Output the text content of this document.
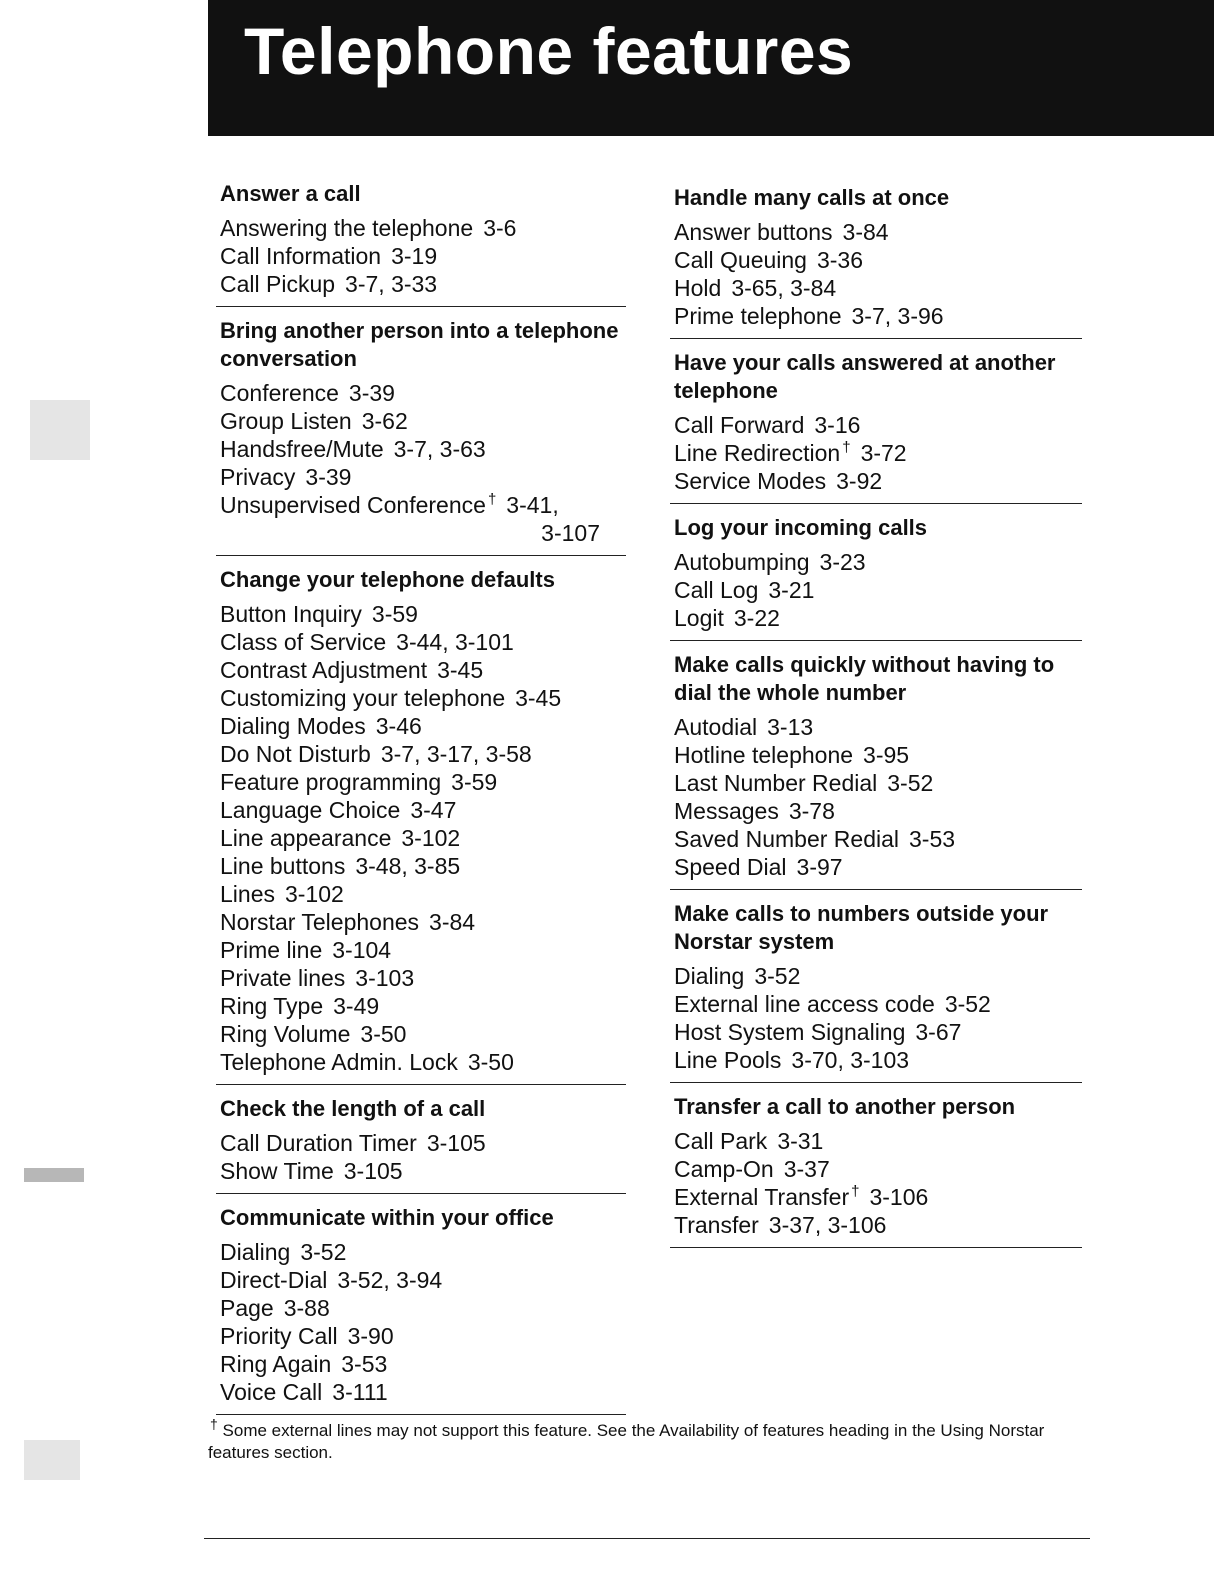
Telephone features
Answer a call
Answering the telephone 3-6
Call Information 3-19
Call Pickup 3-7, 3-33
Bring another person into a telephone conversation
Conference 3-39
Group Listen 3-62
Handsfree/Mute 3-7, 3-63
Privacy 3-39
Unsupervised Conference † 3-41,
3-107
Change your telephone defaults
Button Inquiry 3-59
Class of Service 3-44, 3-101
Contrast Adjustment 3-45
Customizing your telephone 3-45
Dialing Modes 3-46
Do Not Disturb 3-7, 3-17, 3-58
Feature programming 3-59
Language Choice 3-47
Line appearance 3-102
Line buttons 3-48, 3-85
Lines 3-102
Norstar Telephones 3-84
Prime line 3-104
Private lines 3-103
Ring Type 3-49
Ring Volume 3-50
Telephone Admin. Lock 3-50
Check the length of a call
Call Duration Timer 3-105
Show Time 3-105
Communicate within your office
Dialing 3-52
Direct-Dial 3-52, 3-94
Page 3-88
Priority Call 3-90
Ring Again 3-53
Voice Call 3-111
Handle many calls at once
Answer buttons 3-84
Call Queuing 3-36
Hold 3-65, 3-84
Prime telephone 3-7, 3-96
Have your calls answered at another telephone
Call Forward 3-16
Line Redirection † 3-72
Service Modes 3-92
Log your incoming calls
Autobumping 3-23
Call Log 3-21
Logit 3-22
Make calls quickly without having to dial the whole number
Autodial 3-13
Hotline telephone 3-95
Last Number Redial 3-52
Messages 3-78
Saved Number Redial 3-53
Speed Dial 3-97
Make calls to numbers outside your Norstar system
Dialing 3-52
External line access code 3-52
Host System Signaling 3-67
Line Pools 3-70, 3-103
Transfer a call to another person
Call Park 3-31
Camp-On 3-37
External Transfer † 3-106
Transfer 3-37, 3-106
† Some external lines may not support this feature. See the Availability of features heading in the Using Norstar features section.
